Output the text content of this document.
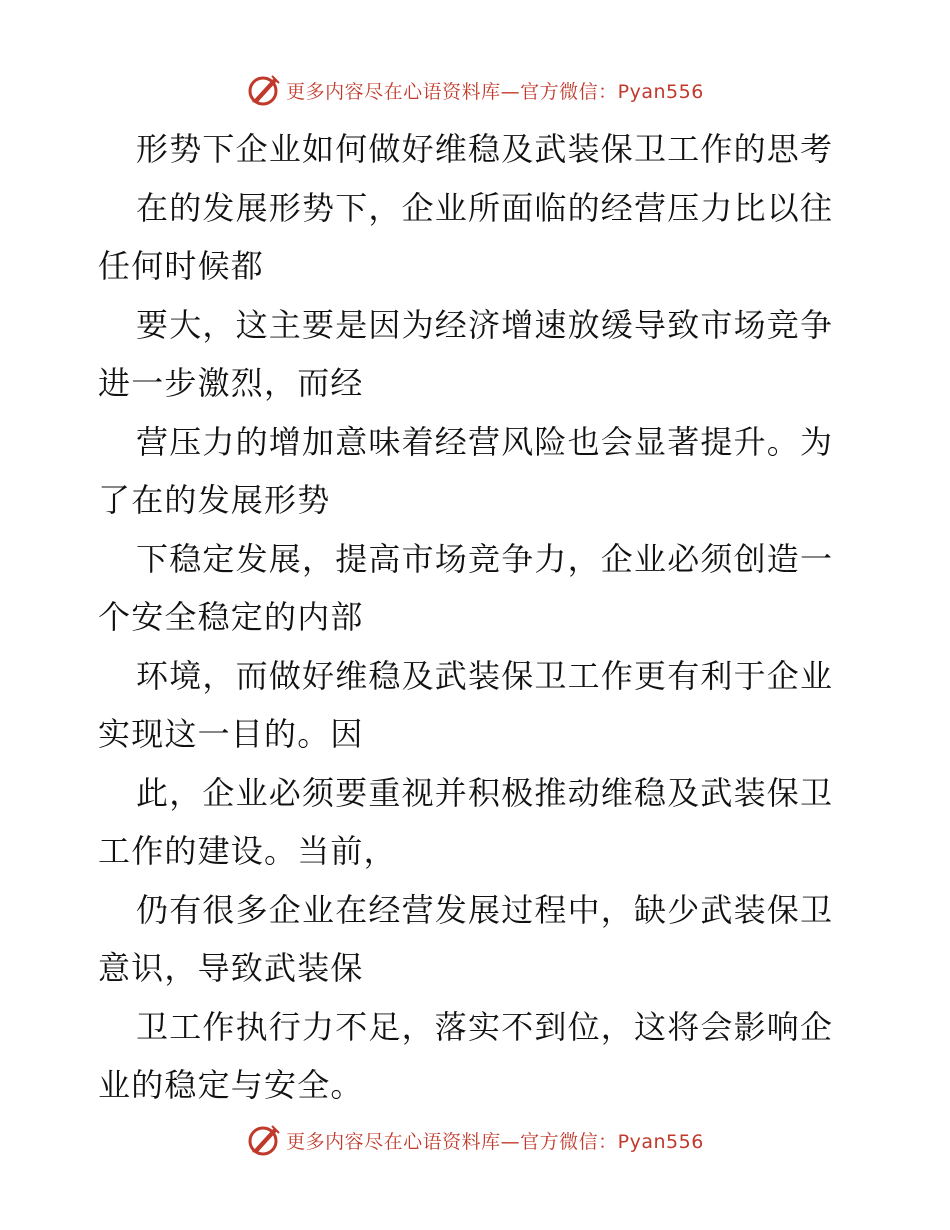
更多内容尽在心语资料库— 官方微信：Pyan556
形势下企业如何做好维稳及武装保卫工作的思考
在的发展形势下，企业所面临的经营压力比以往
任何时候都
要大，这主要是因为经济增速放缓导致市场竞争
进一步激烈，而经
营压力的增加意味着经营风险也会显著提升。为
了在的发展形势
下稳定发展，提高市场竞争力，企业必须创造一
个安全稳定的内部
环境，而做好维稳及武装保卫工作更有利于企业
实现这一目的。因
此，企业必须要重视并积极推动维稳及武装保卫
工作的建设。当前，
仍有很多企业在经营发展过程中，缺少武装保卫
意识，导致武装保
卫工作执行力不足，落实不到位，这将会影响企
业的稳定与安全。
更多内容尽在心语资料库— 官方微信：Pyan556
